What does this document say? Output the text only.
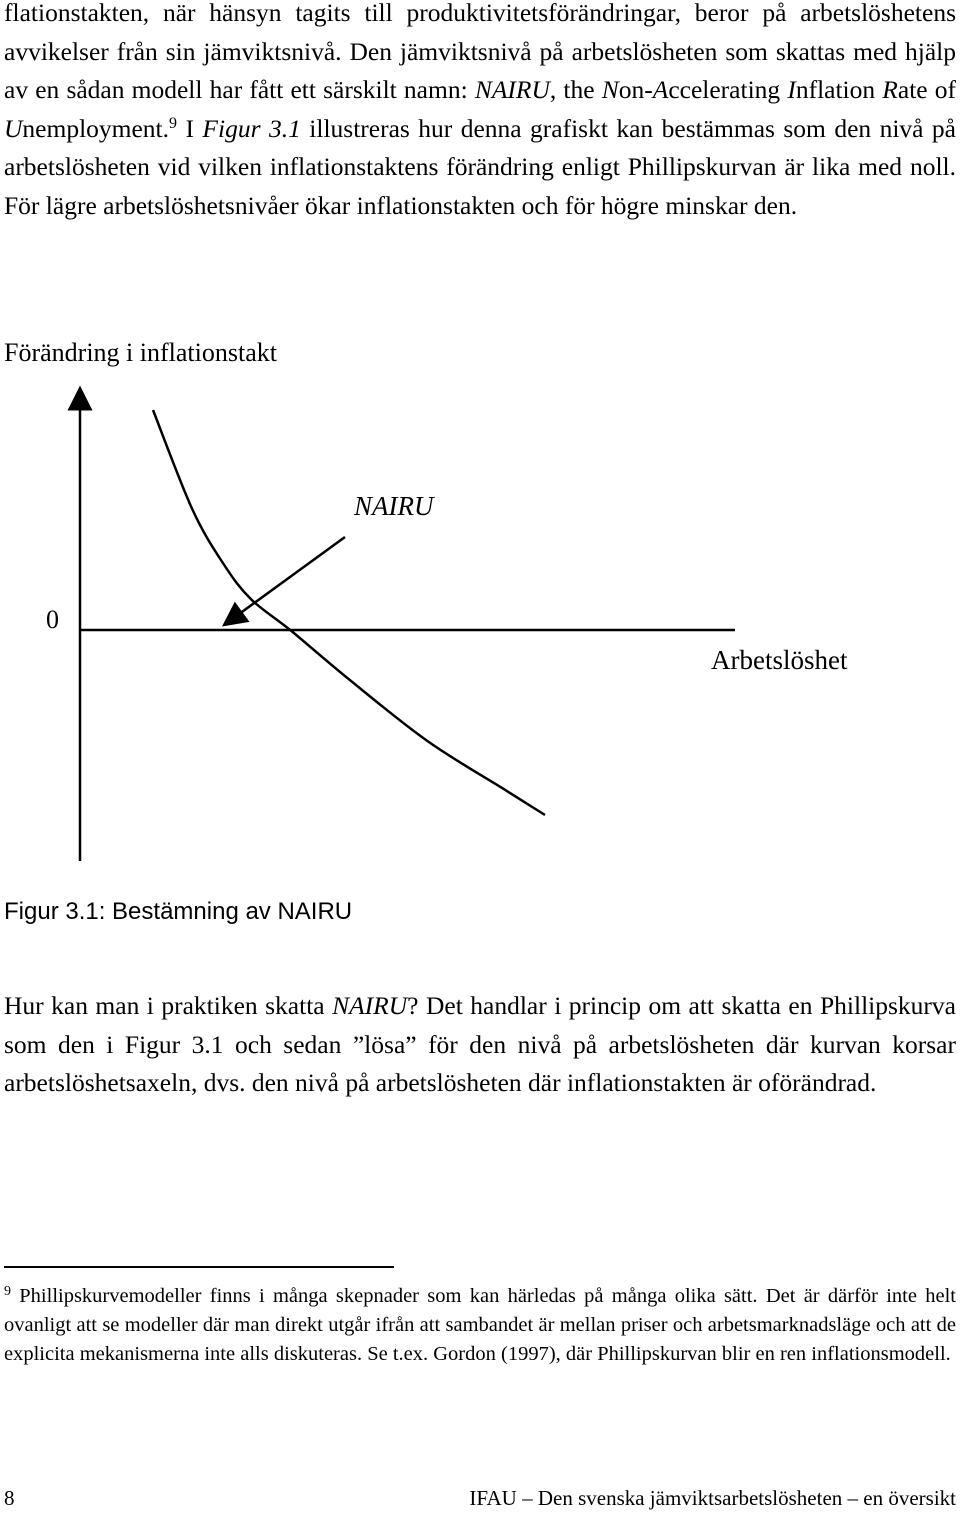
flationstakten, när hänsyn tagits till produktivitetsförändringar, beror på arbetslöshetens avvikelser från sin jämviktsnivå. Den jämviktsnivå på arbetslösheten som skattas med hjälp av en sådan modell har fått ett särskilt namn: NAIRU, the Non-Accelerating Inflation Rate of Unemployment.$^9$ I Figur 3.1 illustreras hur denna grafiskt kan bestämmas som den nivå på arbetslösheten vid vilken inflationstaktens förändring enligt Phillipskurvan är lika med noll. För lägre arbetslöshetsnivåer ökar inflationstakten och för högre minskar den.

Förändring i inflationstakt
NAIRU
0
Arbetslöshet
Figur 3.1: Bestämning av NAIRU

Hur kan man i praktiken skatta NAIRU? Det handlar i princip om att skatta en Phillipskurva som den i Figur 3.1 och sedan ”lösa” för den nivå på arbetslösheten där kurvan korsar arbetslöshetsaxeln, dvs. den nivå på arbetslösheten där inflationstakten är oförändrad.

$^9$ Phillipskurvemodeller finns i många skepnader som kan härledas på många olika sätt. Det är därför inte helt ovanligt att se modeller där man direkt utgår ifrån att sambandet är mellan priser och arbetsmarknadsläge och att de explicita mekanismerna inte alls diskuteras. Se t.ex. Gordon (1997), där Phillipskurvan blir en ren inflationsmodell.

8	IFAU – Den svenska jämviktsarbetslösheten – en översikt
